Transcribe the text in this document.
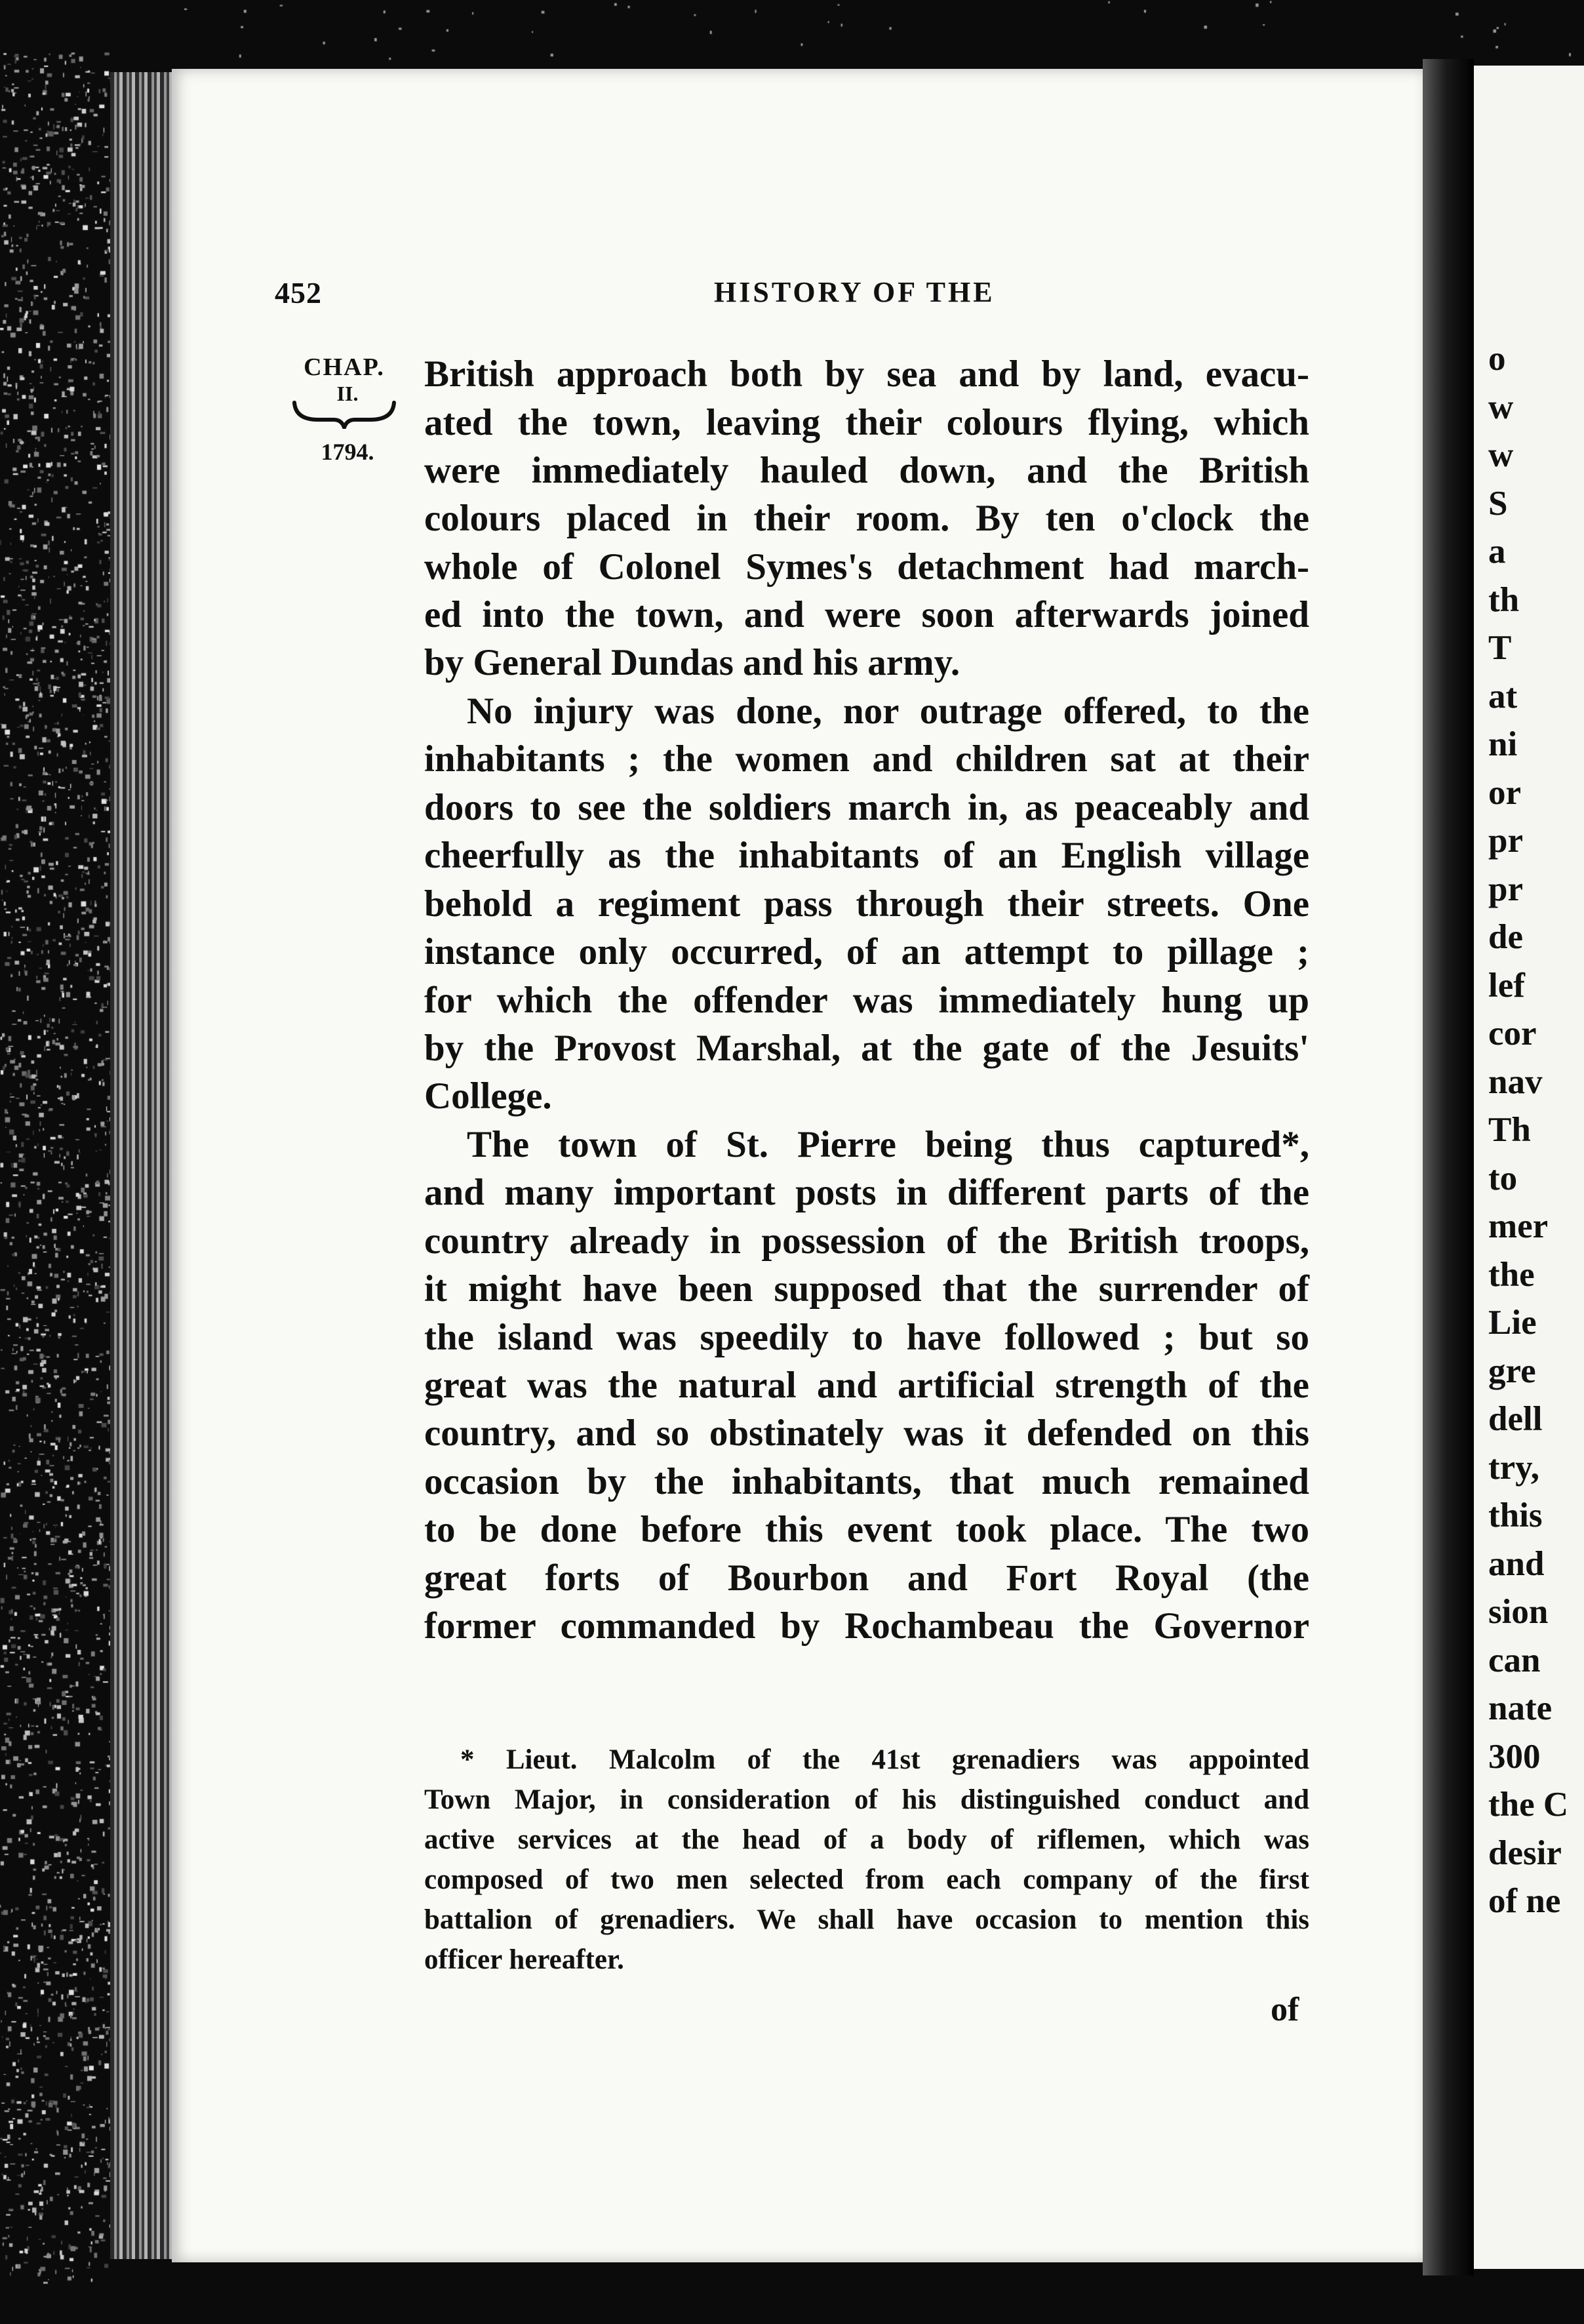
452	HISTORY OF THE
CHAP.
II.
1794.
British approach both by sea and by land, evacu-
ated the town, leaving their colours flying, which
were immediately hauled down, and the British
colours placed in their room. By ten o'clock the
whole of Colonel Symes's detachment had march-
ed into the town, and were soon afterwards joined
by General Dundas and his army.
No injury was done, nor outrage offered, to the
inhabitants ; the women and children sat at their
doors to see the soldiers march in, as peaceably and
cheerfully as the inhabitants of an English village
behold a regiment pass through their streets. One
instance only occurred, of an attempt to pillage ;
for which the offender was immediately hung up
by the Provost Marshal, at the gate of the Jesuits'
College.
The town of St. Pierre being thus captured*,
and many important posts in different parts of the
country already in possession of the British troops,
it might have been supposed that the surrender of
the island was speedily to have followed ; but so
great was the natural and artificial strength of the
country, and so obstinately was it defended on this
occasion by the inhabitants, that much remained
to be done before this event took place. The two
great forts of Bourbon and Fort Royal (the
former commanded by Rochambeau the Governor
* Lieut. Malcolm of the 41st grenadiers was appointed
Town Major, in consideration of his distinguished conduct and
active services at the head of a body of riflemen, which was
composed of two men selected from each company of the first
battalion of grenadiers. We shall have occasion to mention this
officer hereafter.
of
o
w
w
S
a
th
T
at
ni
or
pr
pr
de
lef
cor
nav
Th
to
mer
the
Lie
gre
dell
try,
this
and
sion
can
nate
300
the C
desir
of ne
